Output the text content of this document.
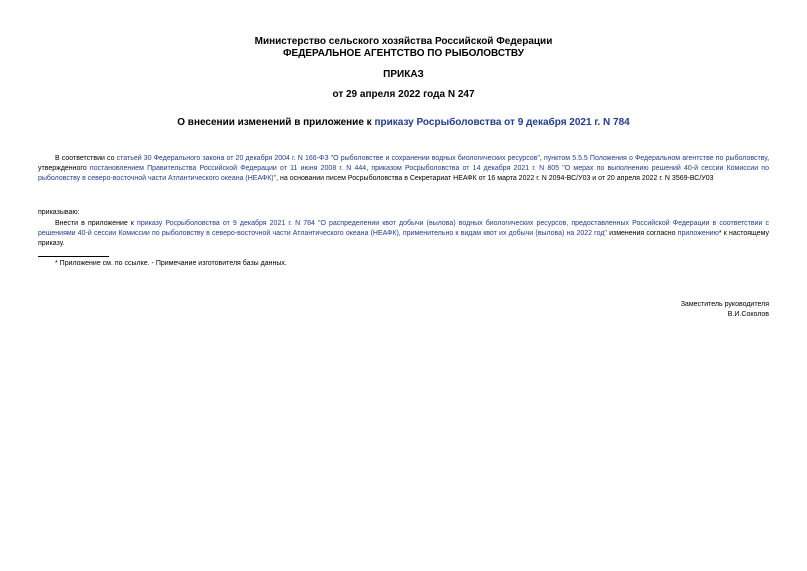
Министерство сельского хозяйства Российской Федерации
ФЕДЕРАЛЬНОЕ АГЕНТСТВО ПО РЫБОЛОВСТВУ
ПРИКАЗ
от 29 апреля 2022 года N 247
О внесении изменений в приложение к приказу Росрыболовства от 9 декабря 2021 г. N 784
В соответствии со статьей 30 Федерального закона от 20 декабря 2004 г. N 166-ФЗ "О рыболовстве и сохранении водных биологических ресурсов", пунктом 5.5.5 Положения о Федеральном агентстве по рыболовству, утвержденного постановлением Правительства Российской Федерации от 11 июня 2008 г. N 444, приказом Росрыболовства от 14 декабря 2021 г. N 805 "О мерах по выполнению решений 40-й сессии Комиссии по рыболовству в северо-восточной части Атлантического океана (НЕАФК)", на основании писем Росрыболовства в Секретариат НЕАФК от 16 марта 2022 г. N 2094-ВС/У03 и от 20 апреля 2022 г. N 3569-ВС/У03
приказываю:
Внести в приложение к приказу Росрыболовства от 9 декабря 2021 г. N 784 "О распределении квот добычи (вылова) водных биологических ресурсов, предоставленных Российской Федерации в соответствии с решениями 40-й сессии Комиссии по рыболовству в северо-восточной части Атлантического океана (НЕАФК), применительно к видам квот их добычи (вылова) на 2022 год" изменения согласно приложению* к настоящему приказу.
* Приложение см. по ссылке. - Примечание изготовителя базы данных.
Заместитель руководителя
В.И.Соколов
